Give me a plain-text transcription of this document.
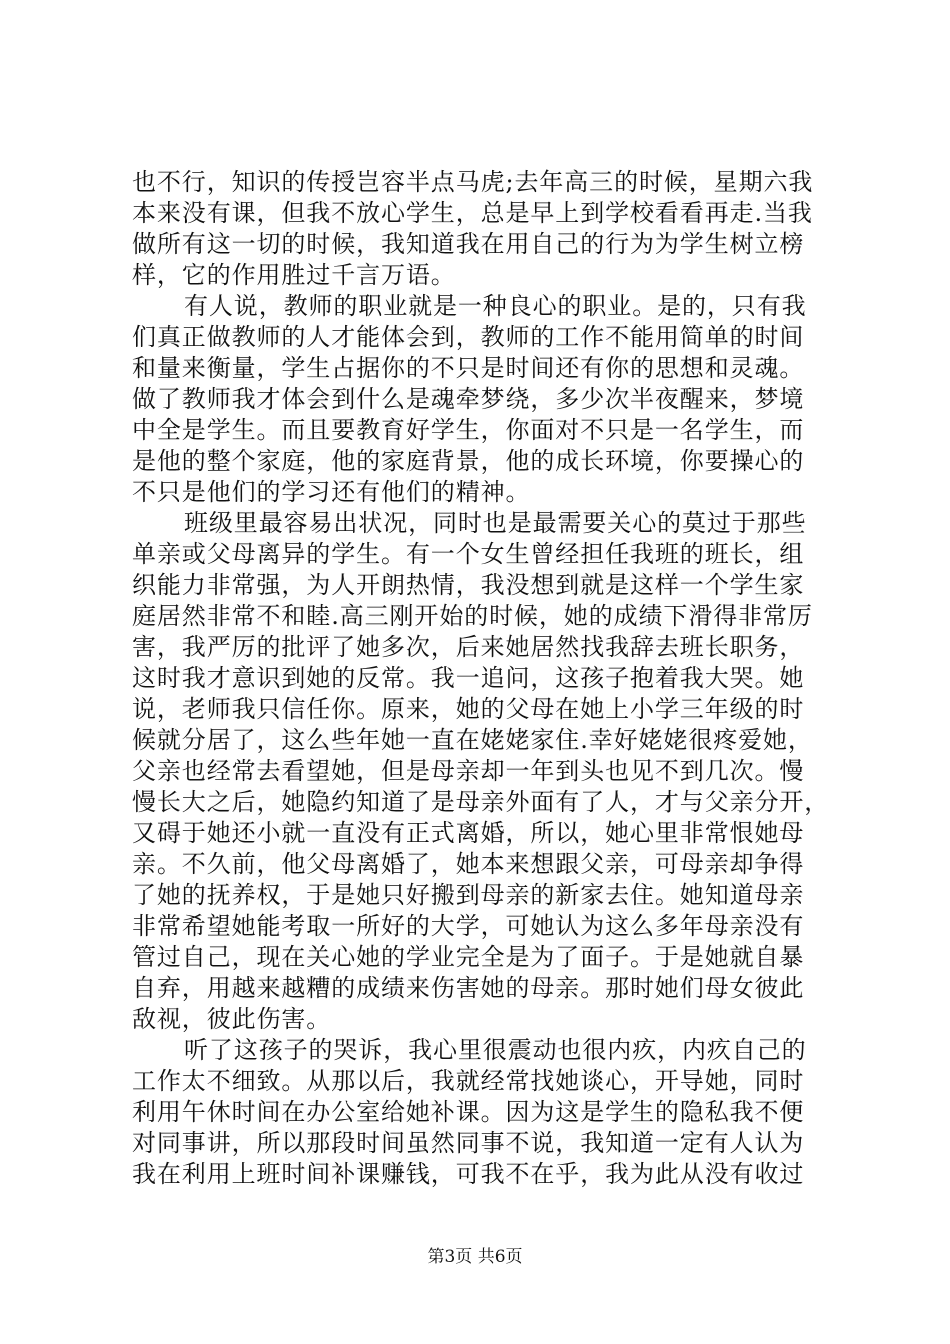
也不行，知识的传授岂容半点马虎;去年高三的时候，星期六我
本来没有课，但我不放心学生，总是早上到学校看看再走.当我
做所有这一切的时候，我知道我在用自己的行为为学生树立榜
样，它的作用胜过千言万语。
有人说，教师的职业就是一种良心的职业。是的，只有我
们真正做教师的人才能体会到，教师的工作不能用简单的时间
和量来衡量，学生占据你的不只是时间还有你的思想和灵魂。
做了教师我才体会到什么是魂牵梦绕，多少次半夜醒来，梦境
中全是学生。而且要教育好学生，你面对不只是一名学生，而
是他的整个家庭，他的家庭背景，他的成长环境，你要操心的
不只是他们的学习还有他们的精神。
班级里最容易出状况，同时也是最需要关心的莫过于那些
单亲或父母离异的学生。有一个女生曾经担任我班的班长，组
织能力非常强，为人开朗热情，我没想到就是这样一个学生家
庭居然非常不和睦.高三刚开始的时候，她的成绩下滑得非常厉
害，我严厉的批评了她多次，后来她居然找我辞去班长职务，
这时我才意识到她的反常。我一追问，这孩子抱着我大哭。她
说，老师我只信任你。原来，她的父母在她上小学三年级的时
候就分居了，这么些年她一直在姥姥家住.幸好姥姥很疼爱她，
父亲也经常去看望她，但是母亲却一年到头也见不到几次。慢
慢长大之后，她隐约知道了是母亲外面有了人，才与父亲分开，
又碍于她还小就一直没有正式离婚，所以，她心里非常恨她母
亲。不久前，他父母离婚了，她本来想跟父亲，可母亲却争得
了她的抚养权，于是她只好搬到母亲的新家去住。她知道母亲
非常希望她能考取一所好的大学，可她认为这么多年母亲没有
管过自己，现在关心她的学业完全是为了面子。于是她就自暴
自弃，用越来越糟的成绩来伤害她的母亲。那时她们母女彼此
敌视，彼此伤害。
听了这孩子的哭诉，我心里很震动也很内疚，内疚自己的
工作太不细致。从那以后，我就经常找她谈心，开导她，同时
利用午休时间在办公室给她补课。因为这是学生的隐私我不便
对同事讲，所以那段时间虽然同事不说，我知道一定有人认为
我在利用上班时间补课赚钱，可我不在乎，我为此从没有收过
第3页 共6页
